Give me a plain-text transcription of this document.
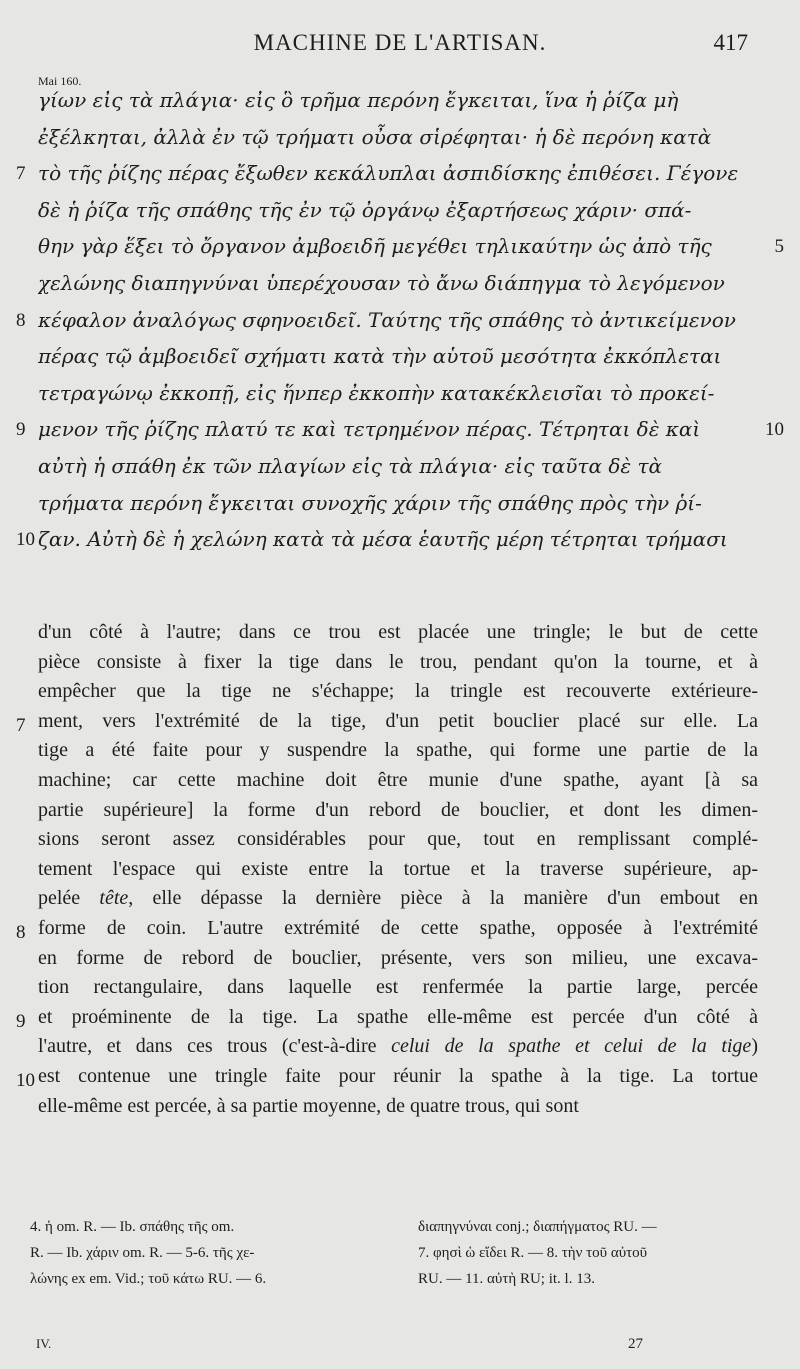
MACHINE DE L'ARTISAN.	417
Mai 160.
γίων εἰς τὰ πλάγια· εἰς ὃ τρῆμα περόνη ἔγκειται, ἵνα ἡ ῥίζα μὴ
ἐξέλκηται, ἀλλὰ ἐν τῷ τρήματι οὖσα σἱρέφηται· ἡ δὲ περόνη κατὰ
τὸ τῆς ῥίζης πέρας ἔξωθεν κεκάλυπλαι ἀσπιδίσκης ἐπιθέσει. Γέγονε
δὲ ἡ ῥίζα τῆς σπάθης τῆς ἐν τῷ ὀργάνῳ ἐξαρτήσεως χάριν· σπά-
θην γὰρ ἕξει τὸ ὄργανον ἀμβοειδῆ μεγέθει τηλικαύτην ὡς ἀπὸ τῆς
χελώνης διαπηγνύναι ὑπερέχουσαν τὸ ἄνω διάπηγμα τὸ λεγόμενον
κέφαλον ἀναλόγως σφηνοειδεῖ. Ταύτης τῆς σπάθης τὸ ἀντικείμενον
πέρας τῷ ἀμβοειδεῖ σχήματι κατὰ τὴν αὑτοῦ μεσότητα ἐκκόπλεται
τετραγώνῳ ἐκκοπῇ, εἰς ἥνπερ ἐκκοπὴν κατακέκλεισῖαι τὸ προκεί-
μενον τῆς ῥίζης πλατύ τε καὶ τετρημένον πέρας. Τέτρηται δὲ καὶ
αὐτὴ ἡ σπάθη ἐκ τῶν πλαγίων εἰς τὰ πλάγια· εἰς ταῦτα δὲ τὰ
τρήματα περόνη ἔγκειται συνοχῆς χάριν τῆς σπάθης πρὸς τὴν ῥί-
ζαν. Αὐτὴ δὲ ἡ χελώνη κατὰ τὰ μέσα ἑαυτῆς μέρη τέτρηται τρήμασι
7
8
9
10
5
10
d'un côté à l'autre; dans ce trou est placée une tringle; le but de cette
pièce consiste à fixer la tige dans le trou, pendant qu'on la tourne, et à
empêcher que la tige ne s'échappe; la tringle est recouverte extérieure-
ment, vers l'extrémité de la tige, d'un petit bouclier placé sur elle. La
tige a été faite pour y suspendre la spathe, qui forme une partie de la
machine; car cette machine doit être munie d'une spathe, ayant [à sa
partie supérieure] la forme d'un rebord de bouclier, et dont les dimen-
sions seront assez considérables pour que, tout en remplissant complé-
tement l'espace qui existe entre la tortue et la traverse supérieure, ap-
pelée tête, elle dépasse la dernière pièce à la manière d'un embout en
forme de coin. L'autre extrémité de cette spathe, opposée à l'extrémité
en forme de rebord de bouclier, présente, vers son milieu, une excava-
tion rectangulaire, dans laquelle est renfermée la partie large, percée
et proéminente de la tige. La spathe elle-même est percée d'un côté à
l'autre, et dans ces trous (c'est-à-dire celui de la spathe et celui de la tige)
est contenue une tringle faite pour réunir la spathe à la tige. La tortue
elle-même est percée, à sa partie moyenne, de quatre trous, qui sont
7
8
9
10
4. ἡ om. R. — Ib. σπάθης τῆς om.
R. — Ib. χάριν om. R. — 5-6. τῆς χε-
λώνης ex em. Vid.; τοῦ κάτω RU. — 6.
διαπηγνύναι conj.; διαπήγματος RU. —
7. φησὶ ὡ εἴδει R. — 8. τὴν τοῦ αὐτοῦ
RU. — 11. αὐτὴ RU; it. l. 13.
IV.	27
